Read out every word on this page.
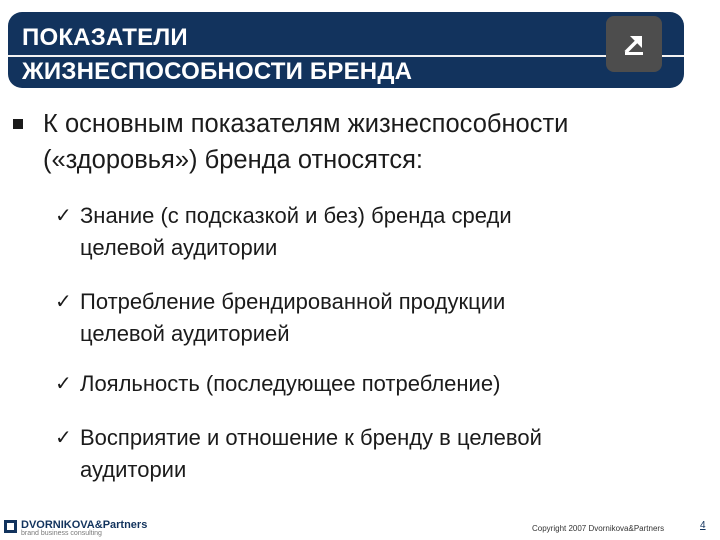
ПОКАЗАТЕЛИ
ЖИЗНЕСПОСОБНОСТИ БРЕНДА
К основным показателям жизнеспособности
(«здоровья») бренда относятся:
✓ Знание (с подсказкой и без) бренда среди
целевой аудитории
✓ Потребление брендированной продукции
целевой аудиторией
✓ Лояльность (последующее потребление)
✓ Восприятие и отношение к бренду в целевой
аудитории
DVORNIKOVA&Partners
brand business consulting
Copyright 2007 Dvornikova&Partners	4
